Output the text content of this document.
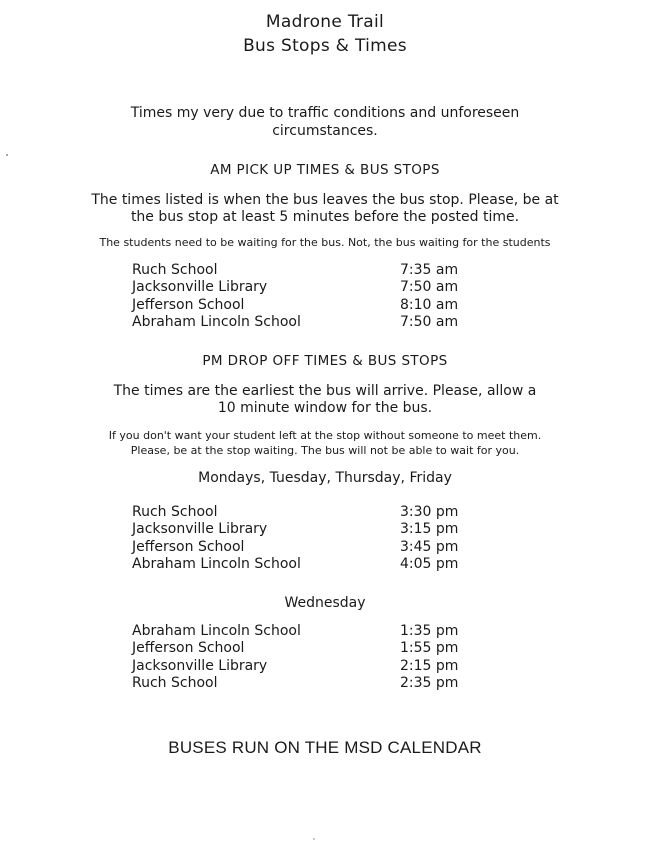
Madrone Trail
Bus Stops & Times
Times my very due to traffic conditions and unforeseen
circumstances.
AM PICK UP TIMES & BUS STOPS
The times listed is when the bus leaves the bus stop. Please, be at
the bus stop at least 5 minutes before the posted time.
The students need to be waiting for the bus. Not, the bus waiting for the students
Ruch School	7:35 am
Jacksonville Library	7:50 am
Jefferson School	8:10 am
Abraham Lincoln School	7:50 am
PM DROP OFF TIMES & BUS STOPS
The times are the earliest the bus will arrive. Please, allow a
10 minute window for the bus.
If you don't want your student left at the stop without someone to meet them.
Please, be at the stop waiting. The bus will not be able to wait for you.
Mondays, Tuesday, Thursday, Friday
Ruch School	3:30 pm
Jacksonville Library	3:15 pm
Jefferson School	3:45 pm
Abraham Lincoln School	4:05 pm
Wednesday
Abraham Lincoln School	1:35 pm
Jefferson School	1:55 pm
Jacksonville Library	2:15 pm
Ruch School	2:35 pm
BUSES RUN ON THE MSD CALENDAR
